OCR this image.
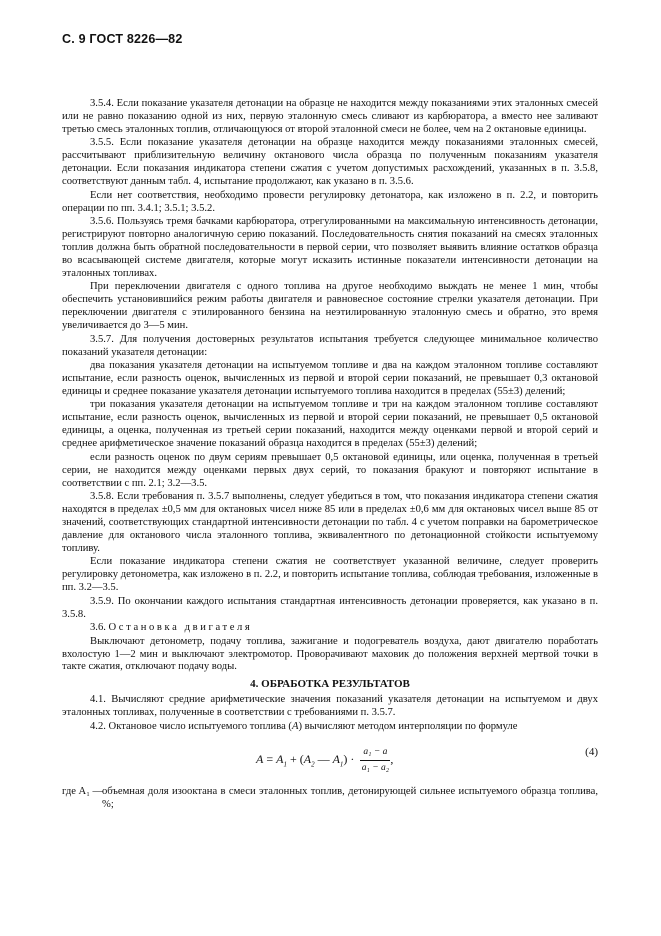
С. 9 ГОСТ 8226—82

3.5.4. Если показание указателя детонации на образце не находится между показаниями этих эталонных смесей или не равно показанию одной из них, первую эталонную смесь сливают из карбюратора, а вместо нее заливают третью смесь эталонных топлив, отличающуюся от второй эталонной смеси не более, чем на 2 октановые единицы.

3.5.5. Если показание указателя детонации на образце находится между показаниями эталонных смесей, рассчитывают приблизительную величину октанового числа образца по полученным показаниям указателя детонации. Если показания индикатора степени сжатия с учетом допустимых расхождений, указанных в п. 3.5.8, соответствуют данным табл. 4, испытание продолжают, как указано в п. 3.5.6.

Если нет соответствия, необходимо провести регулировку детонатора, как изложено в п. 2.2, и повторить операции по пп. 3.4.1; 3.5.1; 3.5.2.

3.5.6. Пользуясь тремя бачками карбюратора, отрегулированными на максимальную интенсивность детонации, регистрируют повторно аналогичную серию показаний. Последовательность снятия показаний на смесях эталонных топлив должна быть обратной последовательности в первой серии, что позволяет выявить влияние остатков образца во всасывающей системе двигателя, которые могут исказить истинные показатели интенсивности детонации на эталонных топливах.

При переключении двигателя с одного топлива на другое необходимо выждать не менее 1 мин, чтобы обеспечить установившийся режим работы двигателя и равновесное состояние стрелки указателя детонации. При переключении двигателя с этилированного бензина на неэтилированную эталонную смесь и обратно, это время увеличивается до 3—5 мин.

3.5.7. Для получения достоверных результатов испытания требуется следующее минимальное количество показаний указателя детонации:

два показания указателя детонации на испытуемом топливе и два на каждом эталонном топливе составляют испытание, если разность оценок, вычисленных из первой и второй серии показаний, не превышает 0,3 октановой единицы и среднее показание указателя детонации испытуемого топлива находится в пределах (55±3) делений;

три показания указателя детонации на испытуемом топливе и три на каждом эталонном топливе составляют испытание, если разность оценок, вычисленных из первой и второй серии показаний, не превышает 0,5 октановой единицы, а оценка, полученная из третьей серии показаний, находится между оценками первой и второй серий и среднее арифметическое значение показаний образца находится в пределах (55±3) делений;

если разность оценок по двум сериям превышает 0,5 октановой единицы, или оценка, полученная в третьей серии, не находится между оценками первых двух серий, то показания бракуют и повторяют испытание в соответствии с пп. 2.1; 3.2—3.5.

3.5.8. Если требования п. 3.5.7 выполнены, следует убедиться в том, что показания индикатора степени сжатия находятся в пределах ±0,5 мм для октановых чисел ниже 85 или в пределах ±0,6 мм для октановых чисел выше 85 от значений, соответствующих стандартной интенсивности детонации по табл. 4 с учетом поправки на барометрическое давление для октанового числа эталонного топлива, эквивалентного по детонационной стойкости испытуемому топливу.

Если показание индикатора степени сжатия не соответствует указанной величине, следует проверить регулировку детонометра, как изложено в п. 2.2, и повторить испытание топлива, соблюдая требования, изложенные в пп. 3.2—3.5.

3.5.9. По окончании каждого испытания стандартная интенсивность детонации проверяется, как указано в п. 3.5.8.

3.6. Остановка двигателя

Выключают детонометр, подачу топлива, зажигание и подогреватель воздуха, дают двигателю поработать вхолостую 1—2 мин и выключают электромотор. Проворачивают маховик до положения верхней мертвой точки в такте сжатия, отключают подачу воды.

4. ОБРАБОТКА РЕЗУЛЬТАТОВ

4.1. Вычисляют средние арифметические значения показаний указателя детонации на испытуемом и двух эталонных топливах, полученные в соответствии с требованиями п. 3.5.7.

4.2. Октановое число испытуемого топлива (А) вычисляют методом интерполяции по формуле

$А = А_1 + (А_2$ — $А_1) \cdot \frac{\text{a₁ − a}}{\text{a₁ − a₂}}$ ,
(4)
где А₁ —
объемная доля изооктана в смеси эталонных топлив, детонирующей сильнее испытуемого образца топлива, %;
